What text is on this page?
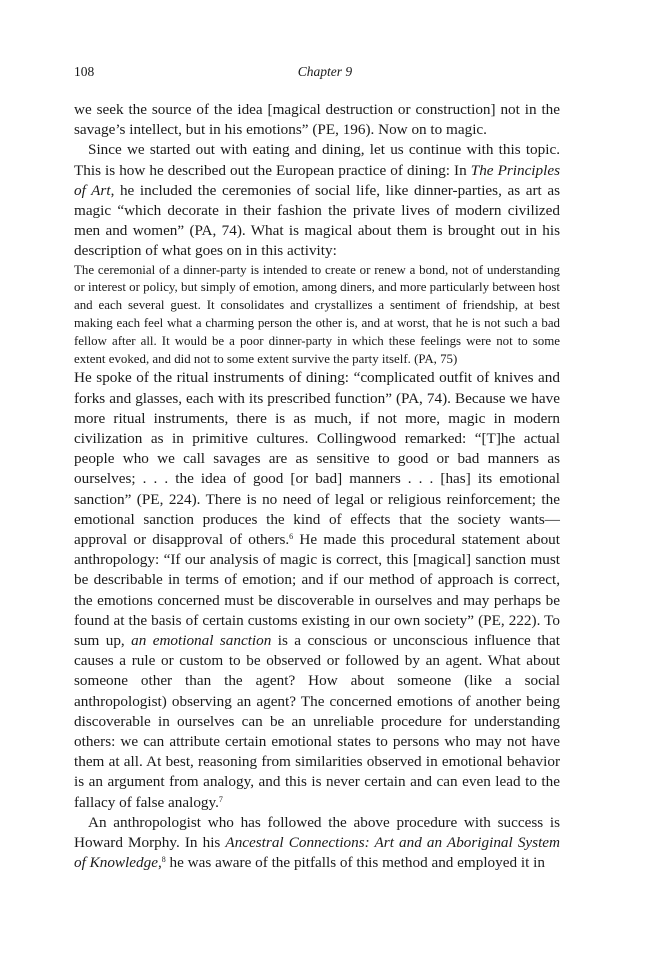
108	Chapter 9

we seek the source of the idea [magical destruction or construction] not in the savage’s intellect, but in his emotions” (PE, 196). Now on to magic.

Since we started out with eating and dining, let us continue with this topic. This is how he described out the European practice of dining: In The Principles of Art, he included the ceremonies of social life, like dinner-parties, as art as magic “which decorate in their fashion the private lives of modern civilized men and women” (PA, 74). What is magical about them is brought out in his description of what goes on in this activity:

The ceremonial of a dinner-party is intended to create or renew a bond, not of understanding or interest or policy, but simply of emotion, among diners, and more particularly between host and each several guest. It consolidates and crystallizes a sentiment of friendship, at best making each feel what a charming person the other is, and at worst, that he is not such a bad fellow after all. It would be a poor dinner-party in which these feelings were not to some extent evoked, and did not to some extent survive the party itself. (PA, 75)

He spoke of the ritual instruments of dining: “complicated outfit of knives and forks and glasses, each with its prescribed function” (PA, 74). Because we have more ritual instruments, there is as much, if not more, magic in modern civilization as in primitive cultures. Collingwood remarked: “[T]he actual people who we call savages are as sensitive to good or bad manners as ourselves; . . . the idea of good [or bad] manners . . . [has] its emotional sanction” (PE, 224). There is no need of legal or religious reinforcement; the emotional sanction produces the kind of effects that the society wants—approval or disapproval of others.$^6$ He made this procedural statement about anthropology: “If our analysis of magic is correct, this [magical] sanction must be describable in terms of emotion; and if our method of approach is correct, the emotions concerned must be discoverable in ourselves and may perhaps be found at the basis of certain customs existing in our own society” (PE, 222). To sum up, an emotional sanction is a conscious or unconscious influence that causes a rule or custom to be observed or followed by an agent. What about someone other than the agent? How about someone (like a social anthropologist) observing an agent? The concerned emotions of another being discoverable in ourselves can be an unreliable procedure for understanding others: we can attribute certain emotional states to persons who may not have them at all. At best, reasoning from similarities observed in emotional behavior is an argument from analogy, and this is never certain and can even lead to the fallacy of false analogy.$^7$

An anthropologist who has followed the above procedure with success is Howard Morphy. In his Ancestral Connections: Art and an Aboriginal System of Knowledge,$^8$ he was aware of the pitfalls of this method and employed it in
